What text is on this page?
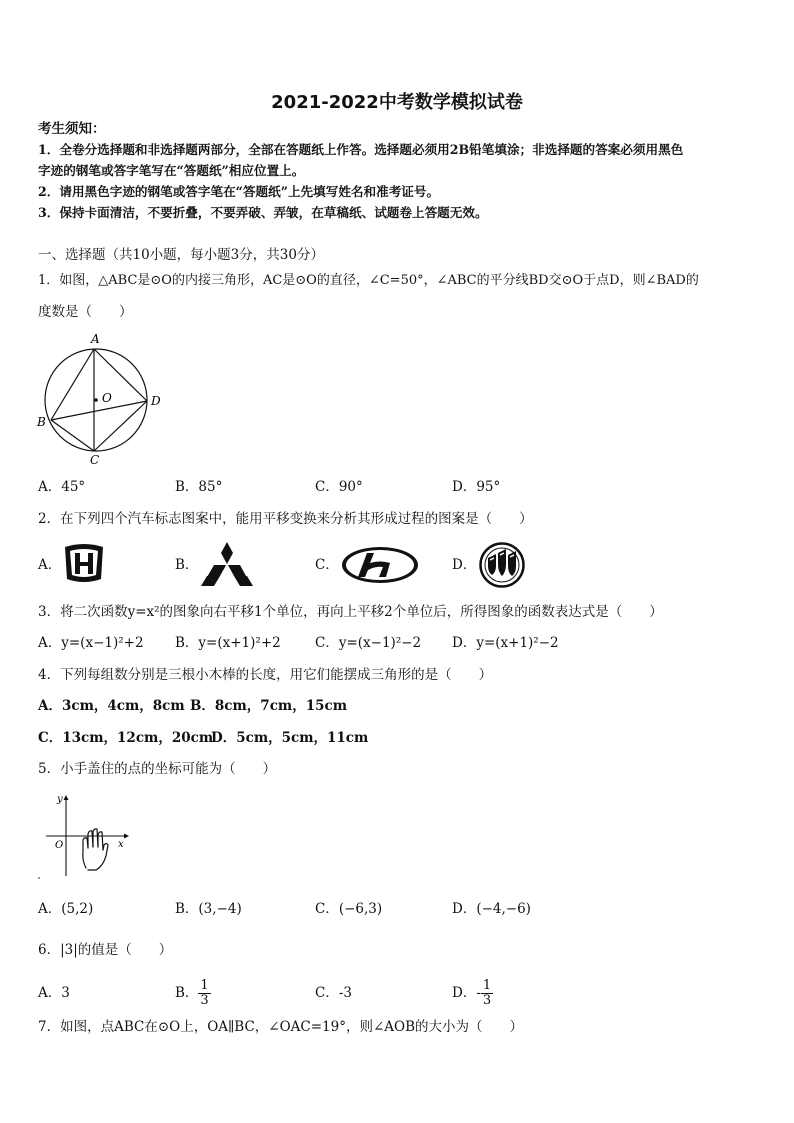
2021-2022中考数学模拟试卷
考生须知：
1．全卷分选择题和非选择题两部分，全部在答题纸上作答。选择题必须用2B铅笔填涂；非选择题的答案必须用黑色
字迹的钢笔或答字笔写在“答题纸”相应位置上。
2．请用黑色字迹的钢笔或答字笔在“答题纸”上先填写姓名和准考证号。
3．保持卡面清洁，不要折叠，不要弄破、弄皱，在草稿纸、试题卷上答题无效。
一、选择题（共10小题，每小题3分，共30分）
1．如图，△ABC是⊙O的内接三角形，AC是⊙O的直径，∠C=50°，∠ABC的平分线BD交⊙O于点D，则∠BAD的
度数是（　　）
A
B
C
D
O
A．45°	B．85°	C．90°	D．95°
2．在下列四个汽车标志图案中，能用平移变换来分析其形成过程的图案是（　　）
A．	B．	C．	D．
3．将二次函数y=x²的图象向右平移1个单位，再向上平移2个单位后，所得图象的函数表达式是（　　）
A．y=(x−1)²+2 B．y=(x+1)²+2	C．y=(x−1)²−2 D．y=(x+1)²−2
4．下列每组数分别是三根小木棒的长度，用它们能摆成三角形的是（　　）
A．3cm，4cm，8cm B．8cm，7cm，15cm
C．13cm，12cm，20cm
D．5cm，5cm，11cm
5．小手盖住的点的坐标可能为（　　）
y
x
O
A．(5,2)	B．(3,−4)	C．(−6,3)	D．(−4,−6)
6．|3|的值是（　　）
A．3	B． $\frac{1}{3}$	C．-3	D．- $\frac{1}{3}$
7．如图，点ABC在⊙O上，OA∥BC，∠OAC=19°，则∠AOB的大小为（　　）
